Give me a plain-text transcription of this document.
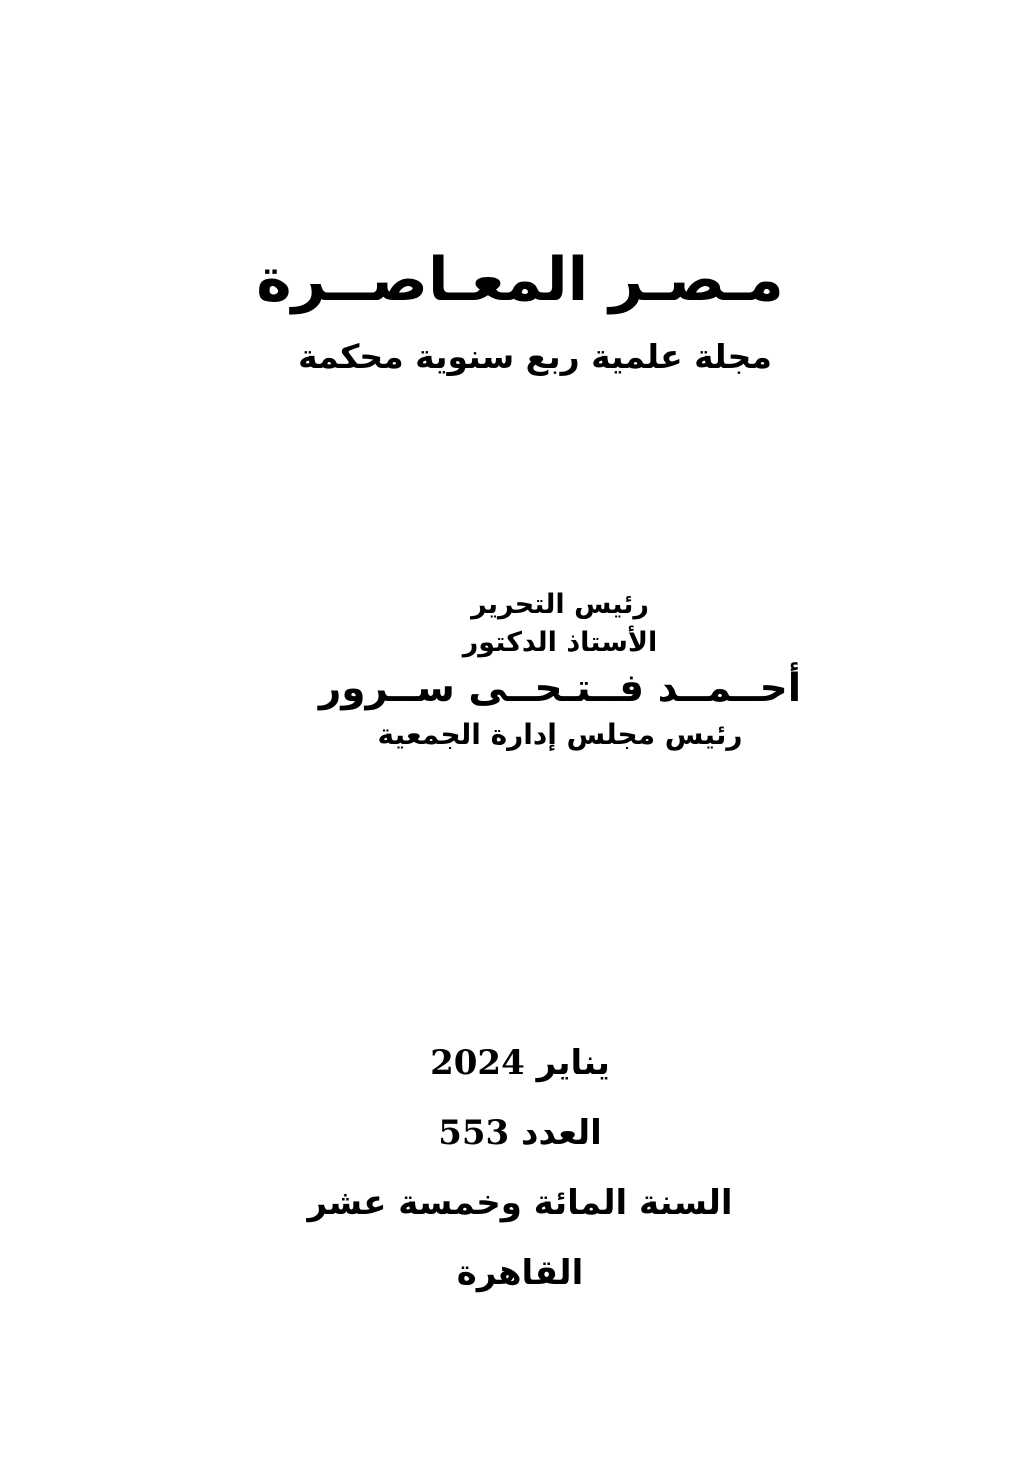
مـصـر المعـاصــرة
مجلة علمية ربع سنوية محكمة
رئيس التحرير
الأستاذ الدكتور
أحــمــد فــتـحــى ســرور
رئيس مجلس إدارة الجمعية
يناير 2024
العدد 553
السنة المائة وخمسة عشر
القاهرة
